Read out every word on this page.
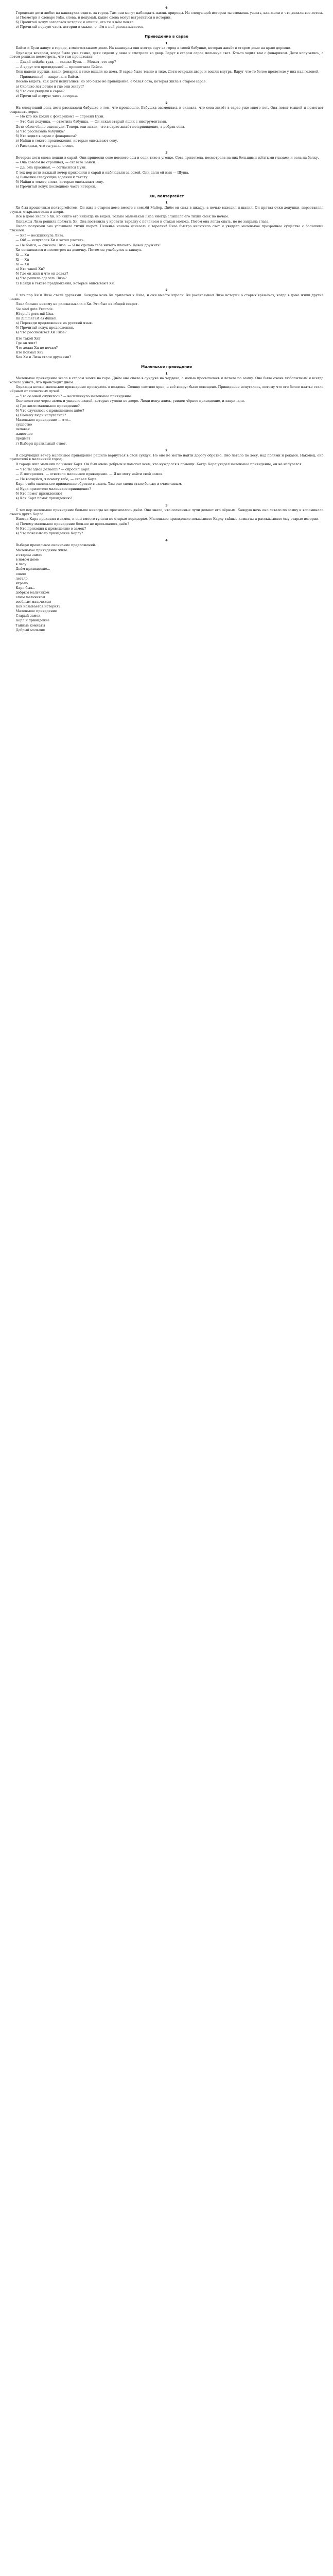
6

Городские дети любят на каникулах ездить за город. Там они могут наблюдать жизнь природы. Из следующей истории ты сможешь узнать, как жили и что делали все летом.

а) Посмотри в словаре Fabs, слова, и подумай, какие слова могут встретиться в истории.

б) Прочитай вслух заголовок истории и опиши, что ты в нём понял.

в) Прочитай первую часть истории и скажи, о чём в ней рассказывается.

Приведение в сарае
1

Байси и Бузи живут в городе, в многоэтажном доме. На каникулы они всегда едут за город к своей бабушке, которая живёт в старом доме на краю деревни.

Однажды вечером, когда было уже темно, дети сидели у окна и смотрели во двор. Вдруг в старом сарае мелькнул свет. Кто-то ходил там с фонариком. Дети испугались, а потом решили посмотреть, что там происходит.

— Давай пойдём туда, — сказал Бузи. — Может, это вор?

— А вдруг это привидение? — прошептала Байси.

Они надели куртки, взяли фонарик и тихо вышли из дома. В сарае было темно и тихо. Дети открыли дверь и вошли внутрь. Вдруг что-то белое пролетело у них над головой.

— Привидение! — закричала Байси.

Весело видеть, как дети испугались, но это было не привидение, а белая сова, которая жила в старом сарае.

а) Сколько лет детям и где они живут?

б) Что они увидели в сарае?

в) Прочитай вторую часть истории.

2

На следующий день дети рассказали бабушке о том, что произошло. Бабушка засмеялась и сказала, что сова живёт в сарае уже много лет. Она ловит мышей и помогает сохранить зерно.

— Но кто же ходил с фонариком? — спросил Бузи.

— Это был дедушка, — ответила бабушка. — Он искал старый ящик с инструментами.

Дети облегчённо вздохнули. Теперь они знали, что в сарае живёт не привидение, а добрая сова.

а) Что рассказала бабушка?

б) Кто ходил в сарае с фонариком?

в) Найди в тексте предложения, которые описывают сову.

г) Расскажи, что ты узнал о сове.

3

Вечером дети снова пошли в сарай. Они принесли сове немного еды и сели тихо в уголке. Сова прилетела, посмотрела на них большими жёлтыми глазами и села на балку.

— Она совсем не страшная, — сказала Байси.

— Да, она красивая, — согласился Бузи.

С тех пор дети каждый вечер приходили в сарай и наблюдали за совой. Они дали ей имя — Шуша.

а) Выполни следующие задания к тексту.

б) Найди в тексте слова, которые описывают сову.

в) Прочитай вслух последнюю часть истории.

Хи, полтергейст
1

Хи был крошечным полтергейстом. Он жил в старом доме вместе с семьёй Майер. Днём он спал в шкафу, а ночью выходил и шалил. Он прятал очки дедушки, переставлял стулья, открывал окна и двери.

Все в доме знали о Хи, но никто его никогда не видел. Только маленькая Лиза иногда слышала его тихий смех по ночам.

Однажды Лиза решила поймать Хи. Она поставила у кровати тарелку с печеньем и стакан молока. Потом она легла спать, но не закрыла глаза.

Около полуночи она услышала тихий шорох. Печенье начало исчезать с тарелки! Лиза быстро включила свет и увидела маленькое прозрачное существо с большими глазами.

— Хи! — воскликнула Лиза.

— Ой! — испугался Хи и хотел улететь.

— Не бойся, — сказала Лиза. — Я не сделаю тебе ничего плохого. Давай дружить!

Хи остановился и посмотрел на девочку. Потом он улыбнулся и кивнул.

Xi — Хи

Xi — Хи

Xi — Хи

а) Кто такой Хи?

б) Где он жил и что он делал?

в) Что решила сделать Лиза?

г) Найди в тексте предложения, которые описывают Хи.

2

С тех пор Хи и Лиза стали друзьями. Каждую ночь Хи прилетал к Лизе, и они вместе играли. Хи рассказывал Лизе истории о старых временах, когда в доме жили другие люди.

Лиза больше никому не рассказывала о Хи. Это был их общий секрет.

Sie sind gute Freunde.

Hi spielt gern mit Lisa.

Im Zimmer ist es dunkel.

а) Переведи предложения на русский язык.

б) Прочитай вслух предложения.

в) Что рассказывал Хи Лизе?

Кто такой Хи?

Где он жил?

Что делал Хи по ночам?

Кто поймал Хи?

Как Хи и Лиза стали друзьями?

Маленькое приведение
1

Маленькое привидение жило в старом замке на горе. Днём оно спало в сундуке на чердаке, а ночью просыпалось и летало по замку. Оно было очень любопытным и всегда хотело узнать, что происходит днём.

Однажды ночью маленькое привидение проснулось в полдень. Солнце светило ярко, и всё вокруг было освещено. Привидение испугалось, потому что его белое платье стало чёрным от солнечных лучей.

— Что со мной случилось? — воскликнуло маленькое привидение.

Оно полетело через замок и увидело людей, которые гуляли во дворе. Люди испугались, увидев чёрное привидение, и закричали.

а) Где жило маленькое привидение?

б) Что случилось с привидением днём?

в) Почему люди испугались?

Маленькое привидение — это…

существо

человек

животное

предмет

г) Выбери правильный ответ.

2

В следующий вечер маленькое привидение решило вернуться в свой сундук. Но оно не могло найти дорогу обратно. Оно летало по лесу, над полями и реками. Наконец, оно прилетело в маленький город.

В городе жил мальчик по имени Карл. Он был очень добрым и помогал всем, кто нуждался в помощи. Когда Карл увидел маленькое привидение, он не испугался.

— Что ты здесь делаешь? — спросил Карл.

— Я потерялось, — ответило маленькое привидение. — Я не могу найти свой замок.

— Не волнуйся, я помогу тебе, — сказал Карл.

Карл отвёл маленькое привидение обратно в замок. Там оно снова стало белым и счастливым.

а) Куда прилетело маленькое привидение?

б) Кто помог привидению?

в) Как Карл помог привидению?

3

С тех пор маленькое привидение больше никогда не просыпалось днём. Оно знало, что солнечные лучи делают его чёрным. Каждую ночь оно летало по замку и вспоминало своего друга Карла.

Иногда Карл приходил в замок, и они вместе гуляли по старым коридорам. Маленькое привидение показывало Карлу тайные комнаты и рассказывало ему старые истории.

а) Почему маленькое привидение больше не просыпалось днём?

б) Кто приходил к привидению в замок?

в) Что показывало привидение Карлу?

4

Выбери правильное окончание предложений.

Маленькое привидение жило…

в старом замке

в новом доме

в лесу

Днём привидение…

спало

летало

играло

Карл был…

добрым мальчиком

злым мальчиком

весёлым мальчиком

Как называется история?

Маленькое привидение

Старый замок

Карл и привидение

Тайные комнаты

Добрый мальчик
